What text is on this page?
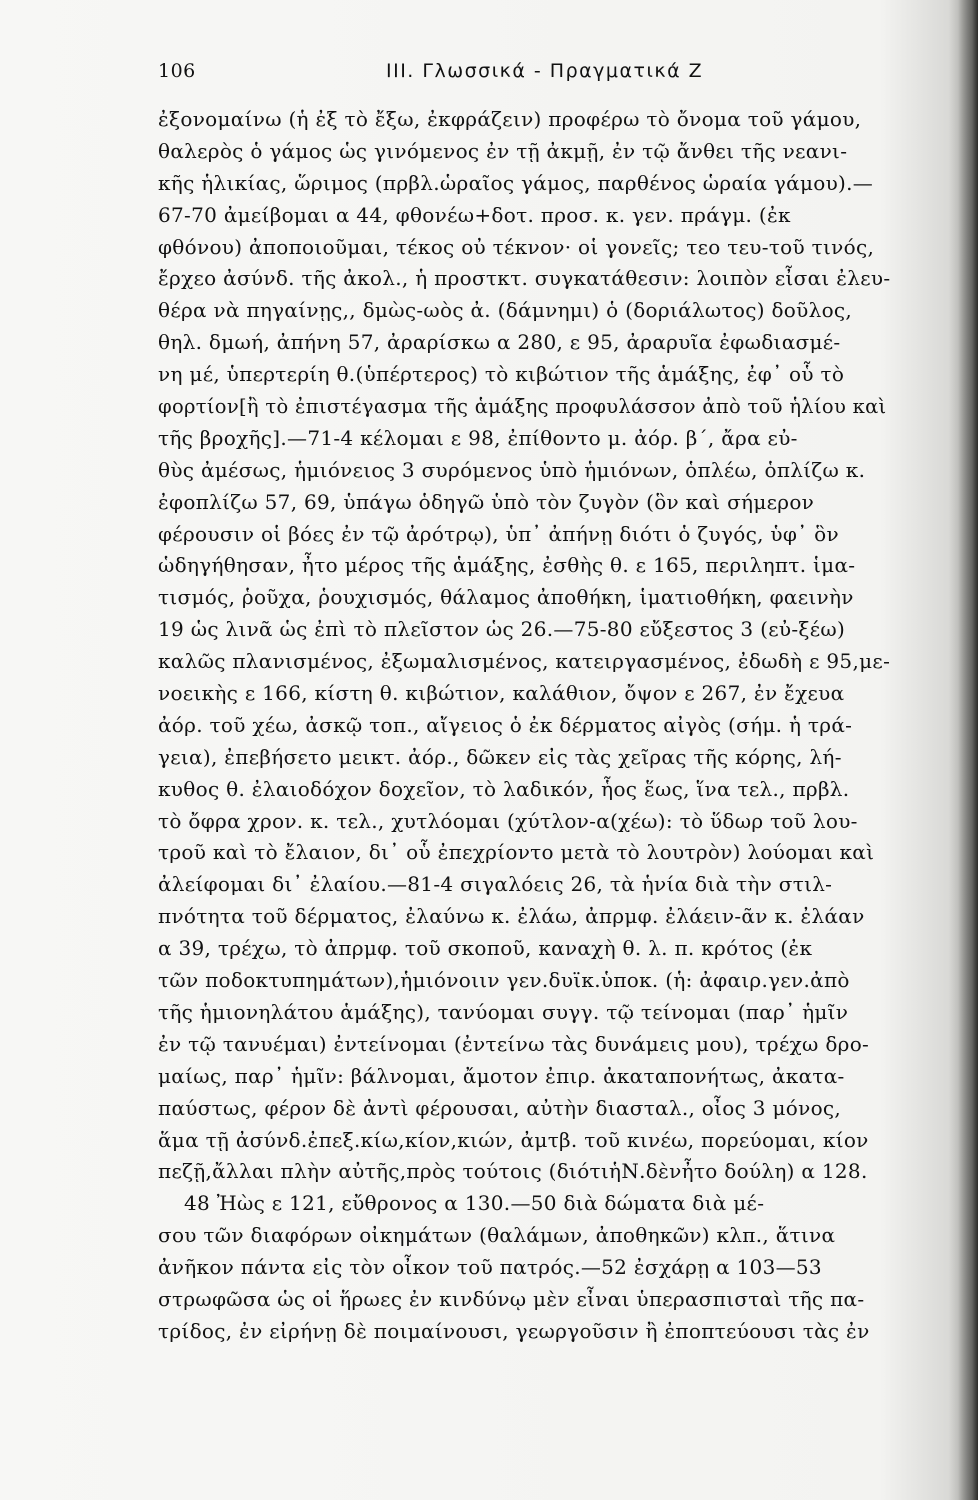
106	ΙΙΙ. Γλωσσικά - Πραγματικά Ζ
ἐξονομαίνω (ἡ ἐξ τὸ ἔξω, ἐκφράζειν) προφέρω τὸ ὄνομα τοῦ γάμου,
θαλερὸς ὁ γάμος ὡς γινόμενος ἐν τῇ ἀκμῇ, ἐν τῷ ἄνθει τῆς νεανι-
κῆς ἡλικίας, ὥριμος (πρβλ.ὡραῖος γάμος, παρθένος ὡραία γάμου).—
67-70 ἀμείβομαι α 44, φθονέω+δοτ. προσ. κ. γεν. πράγμ. (ἐκ
φθόνου) ἀποποιοῦμαι, τέκος οὐ τέκνον· οἱ γονεῖς; τεο τευ-τοῦ τινός,
ἔρχεο ἀσύνδ. τῆς ἀκολ., ἡ προστκτ. συγκατάθεσιν: λοιπὸν εἶσαι ἐλευ-
θέρα νὰ πηγαίνῃς,, δμὼς-ωὸς ἀ. (δάμνημι) ὁ (δοριάλωτος) δοῦλος,
θηλ. δμωή, ἀπήνη 57, ἀραρίσκω α 280, ε 95, ἀραρυῖα ἐφωδιασμέ-
νη μέ, ὑπερτερίη θ.(ὑπέρτερος) τὸ κιβώτιον τῆς ἁμάξης, ἐφ᾽ οὗ τὸ
φορτίον[ἢ τὸ ἐπιστέγασμα τῆς ἁμάξης προφυλάσσον ἀπὸ τοῦ ἡλίου καὶ
τῆς βροχῆς].—71-4 κέλομαι ε 98, ἐπίθοντο μ. ἀόρ. β΄, ἄρα εὐ-
θὺς ἀμέσως, ἡμιόνειος 3 συρόμενος ὑπὸ ἡμιόνων, ὁπλέω, ὁπλίζω κ.
ἐφοπλίζω 57, 69, ὑπάγω ὁδηγῶ ὑπὸ τὸν ζυγὸν (ὃν καὶ σήμερον
φέρουσιν οἱ βόες ἐν τῷ ἀρότρῳ), ὑπ᾽ ἀπήνῃ διότι ὁ ζυγός, ὑφ᾽ ὃν
ὡδηγήθησαν, ἦτο μέρος τῆς ἁμάξης, ἐσθὴς θ. ε 165, περιληπτ. ἱμα-
τισμός, ῥοῦχα, ῥουχισμός, θάλαμος ἀποθήκη, ἱματιοθήκη, φαεινὴν
19 ὡς λινᾶ ὡς ἐπὶ τὸ πλεῖστον ὡς 26.—75-80 εὔξεστος 3 (εὐ-ξέω)
καλῶς πλανισμένος, ἐξωμαλισμένος, κατειργασμένος, ἐδωδὴ ε 95,με-
νοεικὴς ε 166, κίστη θ. κιβώτιον, καλάθιον, ὄψον ε 267, ἐν ἔχευα
ἀόρ. τοῦ χέω, ἀσκῷ τοπ., αἴγειος ὁ ἐκ δέρματος αἰγὸς (σήμ. ἡ τρά-
γεια), ἐπεβήσετο μεικτ. ἀόρ., δῶκεν εἰς τὰς χεῖρας τῆς κόρης, λή-
κυθος θ. ἐλαιοδόχον δοχεῖον, τὸ λαδικόν, ἧος ἕως, ἵνα τελ., πρβλ.
τὸ ὄφρα χρον. κ. τελ., χυτλόομαι (χύτλον-α(χέω): τὸ ὕδωρ τοῦ λου-
τροῦ καὶ τὸ ἔλαιον, δι᾽ οὗ ἐπεχρίοντο μετὰ τὸ λουτρὸν) λούομαι καὶ
ἀλείφομαι δι᾽ ἐλαίου.—81-4 σιγαλόεις 26, τὰ ἡνία διὰ τὴν στιλ-
πνότητα τοῦ δέρματος, ἐλαύνω κ. ἐλάω, ἀπρμφ. ἐλάειν-ᾶν κ. ἐλάαν
α 39, τρέχω, τὸ ἀπρμφ. τοῦ σκοποῦ, καναχὴ θ. λ. π. κρότος (ἐκ
τῶν ποδοκτυπημάτων),ἡμιόνοιιν γεν.δυϊκ.ὑποκ. (ἡ: ἀφαιρ.γεν.ἀπὸ
τῆς ἡμιονηλάτου ἁμάξης), τανύομαι συγγ. τῷ τείνομαι (παρ᾽ ἡμῖν
ἐν τῷ τανυέμαι) ἐντείνομαι (ἐντείνω τὰς δυνάμεις μου), τρέχω δρο-
μαίως, παρ᾽ ἡμῖν: βάλνομαι, ἄμοτον ἐπιρ. ἀκαταπονήτως, ἀκατα-
παύστως, φέρον δὲ ἀντὶ φέρουσαι, αὐτὴν διασταλ., οἶος 3 μόνος,
ἅμα τῇ ἀσύνδ.ἐπεξ.κίω,κίον,κιών, ἀμτβ. τοῦ κινέω, πορεύομαι, κίον
πεζῇ,ἄλλαι πλὴν αὐτῆς,πρὸς τούτοις (διότιἡΝ.δὲνἦτο δούλη) α 128.
48 Ἠὼς ε 121, εὔθρονος α 130.—50 διὰ δώματα διὰ μέ-
σου τῶν διαφόρων οἰκημάτων (θαλάμων, ἀποθηκῶν) κλπ., ἅτινα
ἀνῆκον πάντα εἰς τὸν οἶκον τοῦ πατρός.—52 ἐσχάρῃ α 103—53
στρωφῶσα ὡς οἱ ἥρωες ἐν κινδύνῳ μὲν εἶναι ὑπερασπισταὶ τῆς πα-
τρίδος, ἐν εἰρήνῃ δὲ ποιμαίνουσι, γεωργοῦσιν ἢ ἐποπτεύουσι τὰς ἐν
